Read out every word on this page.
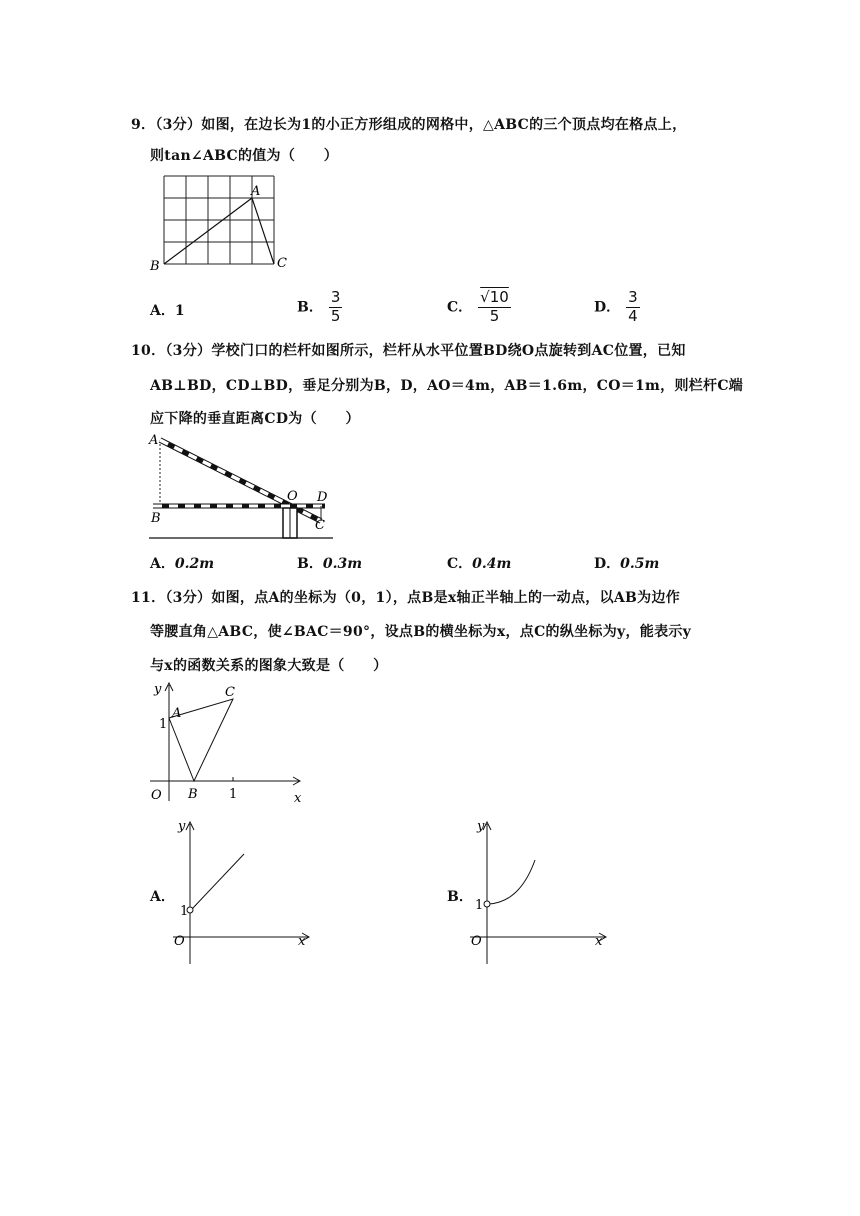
9．（3分）如图，在边长为1的小正方形组成的网格中，△ABC的三个顶点均在格点上，
则tan∠ABC的值为（　　）
A
B	C
A．1	B． $\frac{3}{5}$	C． $\frac{√10}{5}$	D． $\frac{3}{4}$
10．（3分）学校门口的栏杆如图所示，栏杆从水平位置BD绕O点旋转到AC位置，已知
AB⊥BD，CD⊥BD，垂足分别为B，D，AO＝4m，AB＝1.6m，CO＝1m，则栏杆C端
应下降的垂直距离CD为（　　）
A
B
O D
C
A．0.2m	B．0.3m	C．0.4m	D．0.5m
11．（3分）如图，点A的坐标为（0，1），点B是x轴正半轴上的一动点，以AB为边作
等腰直角△ABC，使∠BAC＝90°，设点B的横坐标为x，点C的纵坐标为y，能表示y
与x的函数关系的图象大致是（　　）
y
x
O
1
1
A
B
C
A．
y
x
O
1
B．
y
x
O
1
